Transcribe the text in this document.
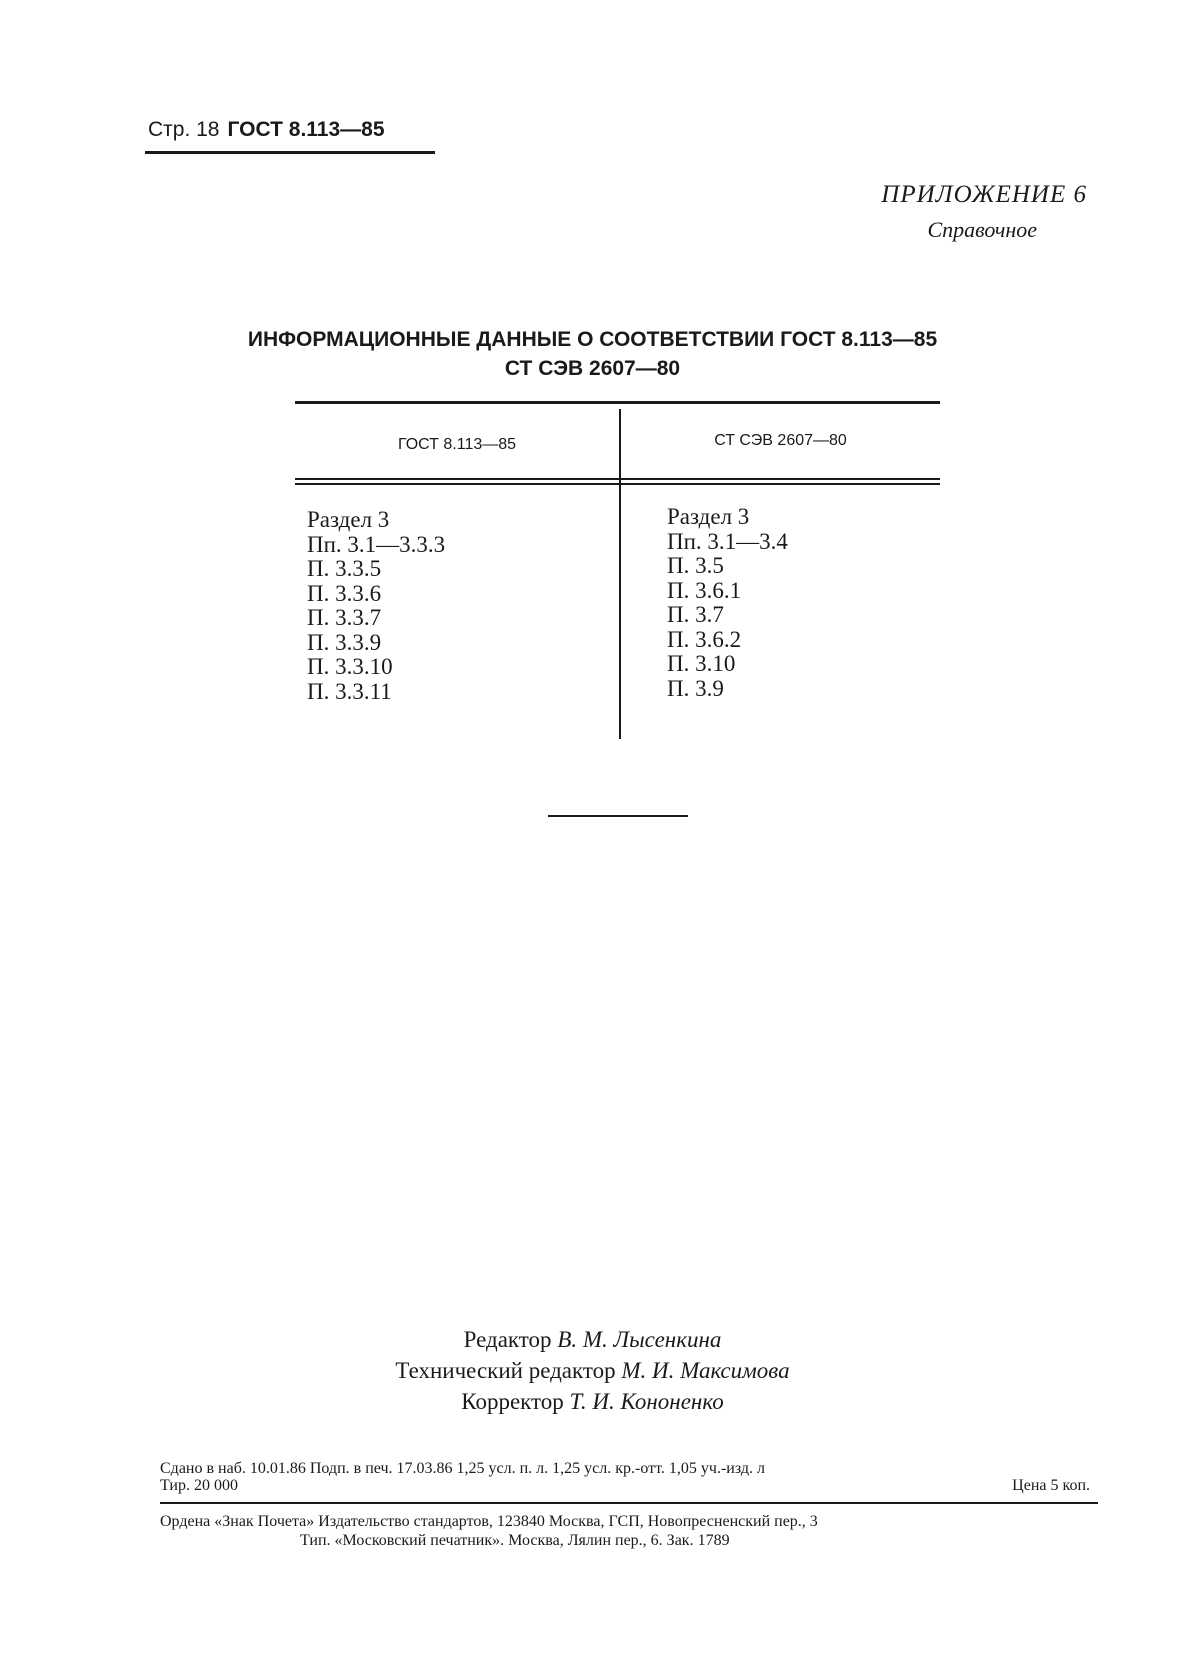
Стр. 18 ГОСТ 8.113—85
ПРИЛОЖЕНИЕ 6
Справочное
ИНФОРМАЦИОННЫЕ ДАННЫЕ О СООТВЕТСТВИИ ГОСТ 8.113—85
СТ СЭВ 2607—80
ГОСТ 8.113—85	СТ СЭВ 2607—80
Раздел 3
Пп. 3.1—3.3.3
П. 3.3.5
П. 3.3.6
П. 3.3.7
П. 3.3.9
П. 3.3.10
П. 3.3.11
Раздел 3
Пп. 3.1—3.4
П. 3.5
П. 3.6.1
П. 3.7
П. 3.6.2
П. 3.10
П. 3.9
Редактор В. М. Лысенкина
Технический редактор М. И. Максимова
Корректор Т. И. Кононенко
Сдано в наб. 10.01.86 Подп. в печ. 17.03.86 1,25 усл. п. л. 1,25 усл. кр.-отт. 1,05 уч.-изд. л
Тир. 20 000	Цена 5 коп.
Ордена «Знак Почета» Издательство стандартов, 123840 Москва, ГСП, Новопресненский пер., 3
Тип. «Московский печатник». Москва, Лялин пер., 6. Зак. 1789
